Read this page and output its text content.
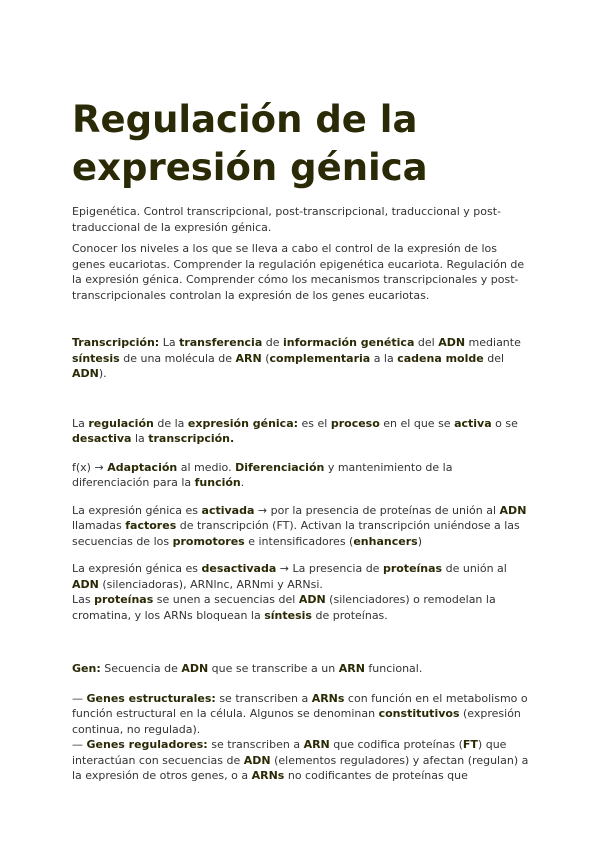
Regulación de la
expresión génica

Epigenética. Control transcripcional, post-transcripcional, traduccional y post-traduccional de la expresión génica.

Conocer los niveles a los que se lleva a cabo el control de la expresión de los genes eucariotas. Comprender la regulación epigenética eucariota. Regulación de la expresión génica. Comprender cómo los mecanismos transcripcionales y post-transcripcionales controlan la expresión de los genes eucariotas.

Transcripción: La transferencia de información genética del ADN mediante síntesis de una molécula de ARN (complementaria a la cadena molde del ADN).

La regulación de la expresión génica: es el proceso en el que se activa o se desactiva la transcripción.

f(x) → Adaptación al medio. Diferenciación y mantenimiento de la diferenciación para la función.

La expresión génica es activada → por la presencia de proteínas de unión al ADN llamadas factores de transcripción (FT). Activan la transcripción uniéndose a las secuencias de los promotores e intensificadores (enhancers)

La expresión génica es desactivada → La presencia de proteínas de unión al ADN (silenciadoras), ARNlnc, ARNmi y ARNsi.
Las proteínas se unen a secuencias del ADN (silenciadores) o remodelan la cromatina, y los ARNs bloquean la síntesis de proteínas.

Gen: Secuencia de ADN que se transcribe a un ARN funcional.

— Genes estructurales: se transcriben a ARNs con función en el metabolismo o función estructural en la célula. Algunos se denominan constitutivos (expresión continua, no regulada).
— Genes reguladores: se transcriben a ARN que codifica proteínas (FT) que interactúan con secuencias de ADN (elementos reguladores) y afectan (regulan) a la expresión de otros genes, o a ARNs no codificantes de proteínas que
